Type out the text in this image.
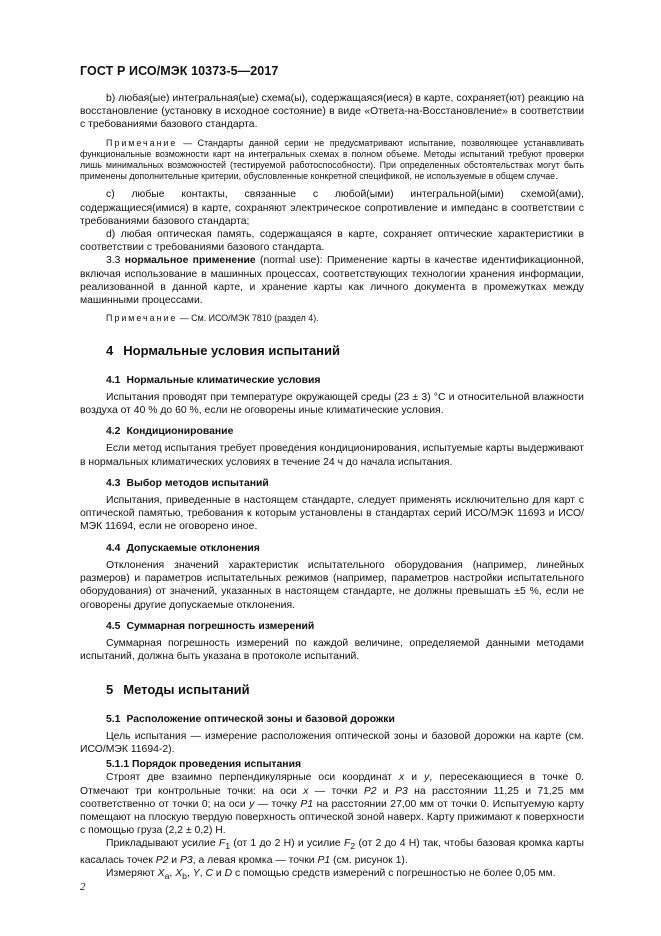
ГОСТ Р ИСО/МЭК 10373-5—2017

b) любая(ые) интегральная(ые) схема(ы), содержащаяся(иеся) в карте, сохраняет(ют) реакцию на восстановление (установку в исходное состояние) в виде «Ответа-на-Восстановление» в соответствии с требованиями базового стандарта.

Примечание — Стандарты данной серии не предусматривают испытание, позволяющее устанавливать функциональные возможности карт на интегральных схемах в полном объеме. Методы испытаний требуют проверки лишь минимальных возможностей (тестируемой работоспособности). При определенных обстоятельствах могут быть применены дополнительные критерии, обусловленные конкретной спецификой, не используемые в общем случае.

c) любые контакты, связанные с любой(ыми) интегральной(ыми) схемой(ами), содержащиеся(имися) в карте, сохраняют электрическое сопротивление и импеданс в соответствии с требованиями базового стандарта;

d) любая оптическая память, содержащаяся в карте, сохраняет оптические характеристики в соответствии с требованиями базового стандарта.

3.3 нормальное применение (normal use): Применение карты в качестве идентификационной, включая использование в машинных процессах, соответствующих технологии хранения информации, реализованной в данной карте, и хранение карты как личного документа в промежутках между машинными процессами.

Примечание — См. ИСО/МЭК 7810 (раздел 4).

4 Нормальные условия испытаний
4.1 Нормальные климатические условия

Испытания проводят при температуре окружающей среды (23 ± 3) °С и относительной влажности воздуха от 40 % до 60 %, если не оговорены иные климатические условия.

4.2 Кондиционирование

Если метод испытания требует проведения кондиционирования, испытуемые карты выдерживают в нормальных климатических условиях в течение 24 ч до начала испытания.

4.3 Выбор методов испытаний

Испытания, приведенные в настоящем стандарте, следует применять исключительно для карт с оптической памятью, требования к которым установлены в стандартах серий ИСО/МЭК 11693 и ИСО/МЭК 11694, если не оговорено иное.

4.4 Допускаемые отклонения

Отклонения значений характеристик испытательного оборудования (например, линейных размеров) и параметров испытательных режимов (например, параметров настройки испытательного оборудования) от значений, указанных в настоящем стандарте, не должны превышать ±5 %, если не оговорены другие допускаемые отклонения.

4.5 Суммарная погрешность измерений

Суммарная погрешность измерений по каждой величине, определяемой данными методами испытаний, должна быть указана в протоколе испытаний.

5 Методы испытаний
5.1 Расположение оптической зоны и базовой дорожки

Цель испытания — измерение расположения оптической зоны и базовой дорожки на карте (см. ИСО/МЭК 11694-2).

5.1.1 Порядок проведения испытания

Строят две взаимно перпендикулярные оси координат x и y, пересекающиеся в точке 0. Отмечают три контрольные точки: на оси x — точки P2 и P3 на расстоянии 11,25 и 71,25 мм соответственно от точки 0; на оси y — точку P1 на расстоянии 27,00 мм от точки 0. Испытуемую карту помещают на плоскую твердую поверхность оптической зоной наверх. Карту прижимают к поверхности с помощью груза (2,2 ± 0,2) Н.

Прикладывают усилие $F_1$ (от 1 до 2 Н) и усилие $F_2$ (от 2 до 4 Н) так, чтобы базовая кромка карты касалась точек P2 и P3, а левая кромка — точки P1 (см. рисунок 1).

Измеряют $X_a$, $X_b$, Y, C и D с помощью средств измерений с погрешностью не более 0,05 мм.

2
